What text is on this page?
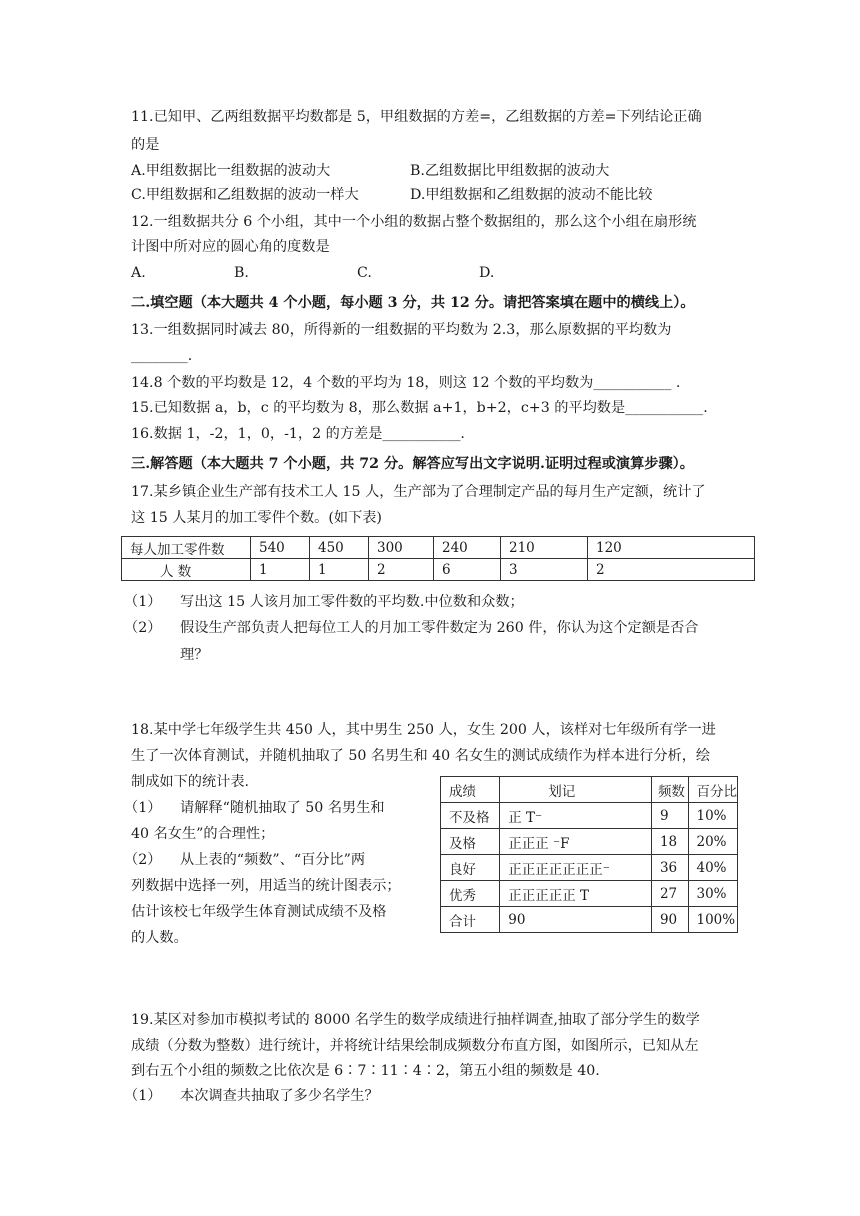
11.已知甲、乙两组数据平均数都是 5，甲组数据的方差=，乙组数据的方差=下列结论正确
的是
A.甲组数据比一组数据的波动大	B.乙组数据比甲组数据的波动大
C.甲组数据和乙组数据的波动一样大	D.甲组数据和乙组数据的波动不能比较
12.一组数据共分 6 个小组，其中一个小组的数据占整个数据组的，那么这个小组在扇形统
计图中所对应的圆心角的度数是
A.	B.	C.	D.
二.填空题（本大题共 4 个小题，每小题 3 分，共 12 分。请把答案填在题中的横线上）。
13.一组数据同时减去 80，所得新的一组数据的平均数为 2.3，那么原数据的平均数为
________.
14.8 个数的平均数是 12，4 个数的平均为 18，则这 12 个数的平均数为___________ .
15.已知数据 a，b，c 的平均数为 8，那么数据 a+1，b+2，c+3 的平均数是___________.
16.数据 1，-2，1，0，-1，2 的方差是___________.
三.解答题（本大题共 7 个小题，共 72 分。解答应写出文字说明.证明过程或演算步骤）。
17.某乡镇企业生产部有技术工人 15 人，生产部为了合理制定产品的每月生产定额，统计了
这 15 人某月的加工零件个数。(如下表)
每人加工零件数	540	450	300	240	210	120
人 数	1	1	2	6	3	2
（1） 写出这 15 人该月加工零件数的平均数.中位数和众数；
（2） 假设生产部负责人把每位工人的月加工零件数定为 260 件，你认为这个定额是否合
理？
18.某中学七年级学生共 450 人，其中男生 250 人，女生 200 人，该样对七年级所有学一进
生了一次体育测试，并随机抽取了 50 名男生和 40 名女生的测试成绩作为样本进行分析，绘
制成如下的统计表.
（1） 请解释“随机抽取了 50 名男生和
40 名女生”的合理性；
（2） 从上表的“频数”、“百分比”两
列数据中选择一列，用适当的统计图表示；
估计该校七年级学生体育测试成绩不及格
的人数。
成绩	划记	频数	百分比
不及格	正 T⁻	9	10%
及格	正正正 ⁻F	18	20%
良好	正正正正正正正⁻	36	40%
优秀	正正正正正 T	27	30%
合计	90	90	100%
19.某区对参加市模拟考试的 8000 名学生的数学成绩进行抽样调查,抽取了部分学生的数学
成绩（分数为整数）进行统计，并将统计结果绘制成频数分布直方图，如图所示，已知从左
到右五个小组的频数之比依次是 6∶7∶11∶4∶2，第五小组的频数是 40.
（1） 本次调查共抽取了多少名学生？
